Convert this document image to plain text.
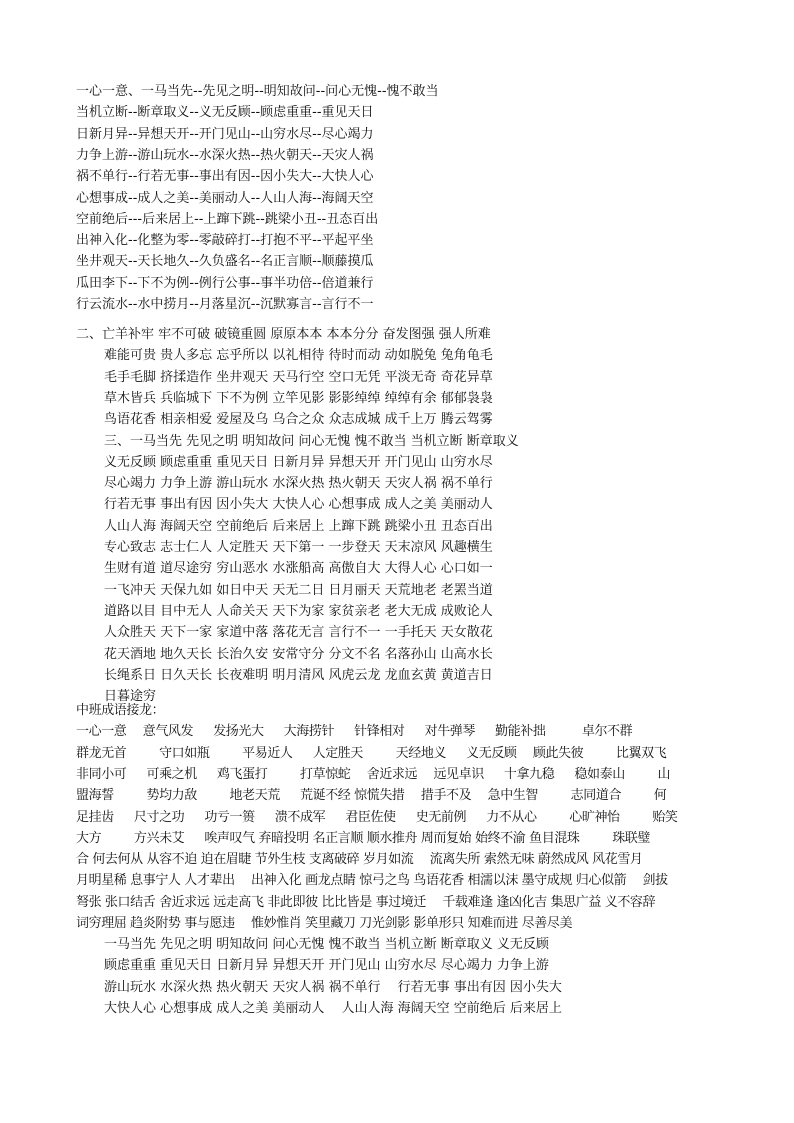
一心一意、一马当先--先见之明--明知故问--问心无愧--愧不敢当
当机立断--断章取义--义无反顾--顾虑重重--重见天日
日新月异--异想天开--开门见山--山穷水尽--尽心竭力
力争上游--游山玩水--水深火热--热火朝天--天灾人祸
祸不单行--行若无事--事出有因--因小失大--大快人心
心想事成--成人之美--美丽动人--人山人海--海阔天空
空前绝后---后来居上--上蹿下跳--跳梁小丑--丑态百出
出神入化--化整为零--零敲碎打--打抱不平--平起平坐
坐井观天--天长地久--久负盛名--名正言顺--顺藤摸瓜
瓜田李下--下不为例--例行公事--事半功倍--倍道兼行
行云流水--水中捞月--月落星沉--沉默寡言--言行不一
二、亡羊补牢 牢不可破 破镜重圆 原原本本 本本分分 奋发图强 强人所难
难能可贵 贵人多忘 忘乎所以 以礼相待 待时而动 动如脱兔 兔角龟毛
毛手毛脚 挤揉造作 坐井观天 天马行空 空口无凭 平淡无奇 奇花异草
草木皆兵 兵临城下 下不为例 立竿见影 影影绰绰 绰绰有余 郁郁袅袅
鸟语花香 相亲相爱 爱屋及乌 乌合之众 众志成城 成千上万 腾云驾雾
三、一马当先 先见之明 明知故问 问心无愧 愧不敢当 当机立断 断章取义
义无反顾 顾虑重重 重见天日 日新月异 异想天开 开门见山 山穷水尽
尽心竭力 力争上游 游山玩水 水深火热 热火朝天 天灾人祸 祸不单行
行若无事 事出有因 因小失大 大快人心 心想事成 成人之美 美丽动人
人山人海 海阔天空 空前绝后 后来居上 上蹿下跳 跳梁小丑 丑态百出
专心致志 志士仁人 人定胜天 天下第一 一步登天 天末凉风 风趣横生
生财有道 道尽途穷 穷山恶水 水涨船高 高傲自大 大得人心 心口如一
一飞冲天 天保九如 如日中天 天无二日 日月丽天 天荒地老 老罴当道
道路以目 目中无人 人命关天 天下为家 家贫亲老 老大无成 成败论人
人众胜天 天下一家 家道中落 落花无言 言行不一 一手托天 天女散花
花天酒地 地久天长 长治久安 安常守分 分文不名 名落孙山 山高水长
长绳系日 日久天长 长夜难明 明月清风 风虎云龙 龙血玄黄 黄道吉日
日暮途穷
中班成语接龙：
一心一意 　意气风发 　 发扬光大 　 大海捞针 　 针锋相对 　 对牛弹琴 　 勤能补拙 　 　 卓尔不群
群龙无首 　 　守口如瓶 　 　平易近人 　 人定胜天 　 　天经地义 　 义无反顾 　顾此失彼 　 　比翼双飞
非同小可 　 可乘之机 　 鸡飞蛋打 　 　打草惊蛇 　舍近求远 　远见卓识 　 十拿九稳 　 稳如泰山 　 　山
盟海誓 　 　势均力敌 　 　地老天荒 　 荒诞不经 惊慌失措 　措手不及 　急中生智 　 　志同道合 　 　何
足挂齿 　 尺寸之功 　 功亏一篑 　 溃不成军 　 君臣佐使 　 史无前例 　 力不从心 　 　心旷神怡 　 　贻笑
大方 　 　方兴未艾 　 唉声叹气 弃暗投明 名正言顺 顺水推舟 周而复始 始终不渝 鱼目混珠 　 　珠联璧
合 何去何从 从容不迫 迫在眉睫 节外生枝 支离破碎 岁月如流 　流离失所 索然无味 蔚然成风 风花雪月
月明星稀 息事宁人 人才辈出 　出神入化 画龙点睛 惊弓之鸟 鸟语花香 相濡以沫 墨守成规 归心似箭 　剑拔
弩张 张口结舌 舍近求远 远走高飞 非此即彼 比比皆是 事过境迁 　千载难逢 逢凶化吉 集思广益 义不容辞
词穷理屈 趋炎附势 事与愿违 　惟妙惟肖 笑里藏刀 刀光剑影 影单形只 知难而进 尽善尽美
一马当先 先见之明 明知故问 问心无愧 愧不敢当 当机立断 断章取义 义无反顾
顾虑重重 重见天日 日新月异 异想天开 开门见山 山穷水尽 尽心竭力 力争上游
游山玩水 水深火热 热火朝天 天灾人祸 祸不单行 　行若无事 事出有因 因小失大
大快人心 心想事成 成人之美 美丽动人 　人山人海 海阔天空 空前绝后 后来居上
